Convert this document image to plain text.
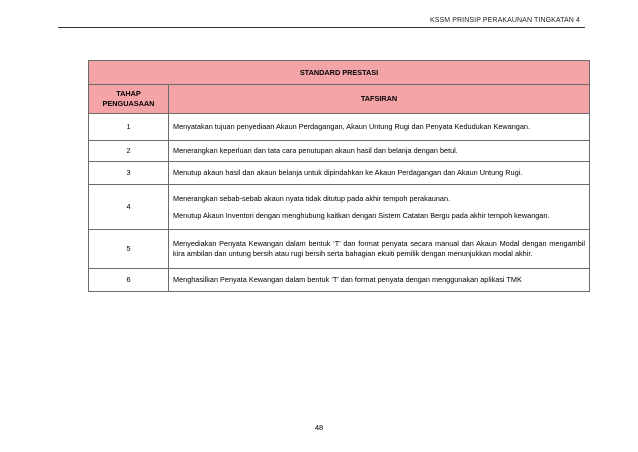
KSSM PRINSIP PERAKAUNAN TINGKATAN 4
STANDARD PRESTASI	
TAHAP PENGUASAAN	TAFSIRAN
1	Menyatakan tujuan penyediaan Akaun Perdagangan, Akaun Untung Rugi dan Penyata Kedudukan Kewangan.

2	Menerangkan keperluan dan tata cara penutupan akaun hasil dan belanja dengan betul.

3	Menutup akaun hasil dan akaun belanja untuk dipindahkan ke Akaun Perdagangan dan Akaun Untung Rugi.

4	Menerangkan sebab-sebab akaun nyata tidak ditutup pada akhir tempoh perakaunan.

Menutup Akaun Inventori dengan menghubung kaitkan dengan Sistem Catatan Bergu pada akhir tempoh kewangan.

5	Menyediakan Penyata Kewangan dalam bentuk ‘T’ dan format penyata secara manual dan Akaun Modal dengan mengambil kira ambilan dan untung bersih atau rugi bersih serta bahagian ekuiti pemilik dengan menunjukkan modal akhir.

6	Menghasilkan Penyata Kewangan dalam bentuk ‘T’ dan format penyata dengan menggunakan aplikasi TMK

48
